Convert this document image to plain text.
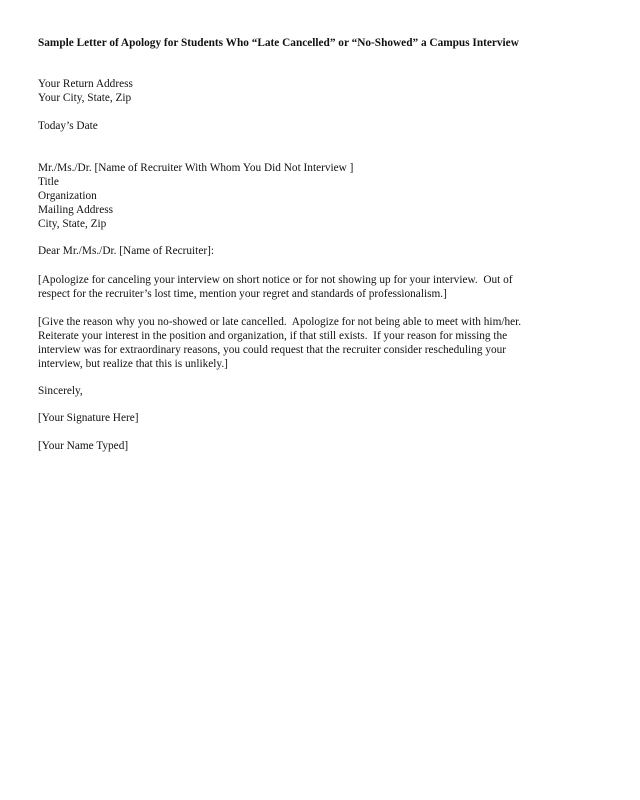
Sample Letter of Apology for Students Who “Late Cancelled” or “No-Showed” a Campus Interview
Your Return Address
Your City, State, Zip
Today’s Date
Mr./Ms./Dr. [Name of Recruiter With Whom You Did Not Interview ]
Title
Organization
Mailing Address
City, State, Zip
Dear Mr./Ms./Dr. [Name of Recruiter]:
[Apologize for canceling your interview on short notice or for not showing up for your interview.  Out of
respect for the recruiter’s lost time, mention your regret and standards of professionalism.]
[Give the reason why you no-showed or late cancelled.  Apologize for not being able to meet with him/her.
Reiterate your interest in the position and organization, if that still exists.  If your reason for missing the
interview was for extraordinary reasons, you could request that the recruiter consider rescheduling your
interview, but realize that this is unlikely.]
Sincerely,
[Your Signature Here]
[Your Name Typed]
